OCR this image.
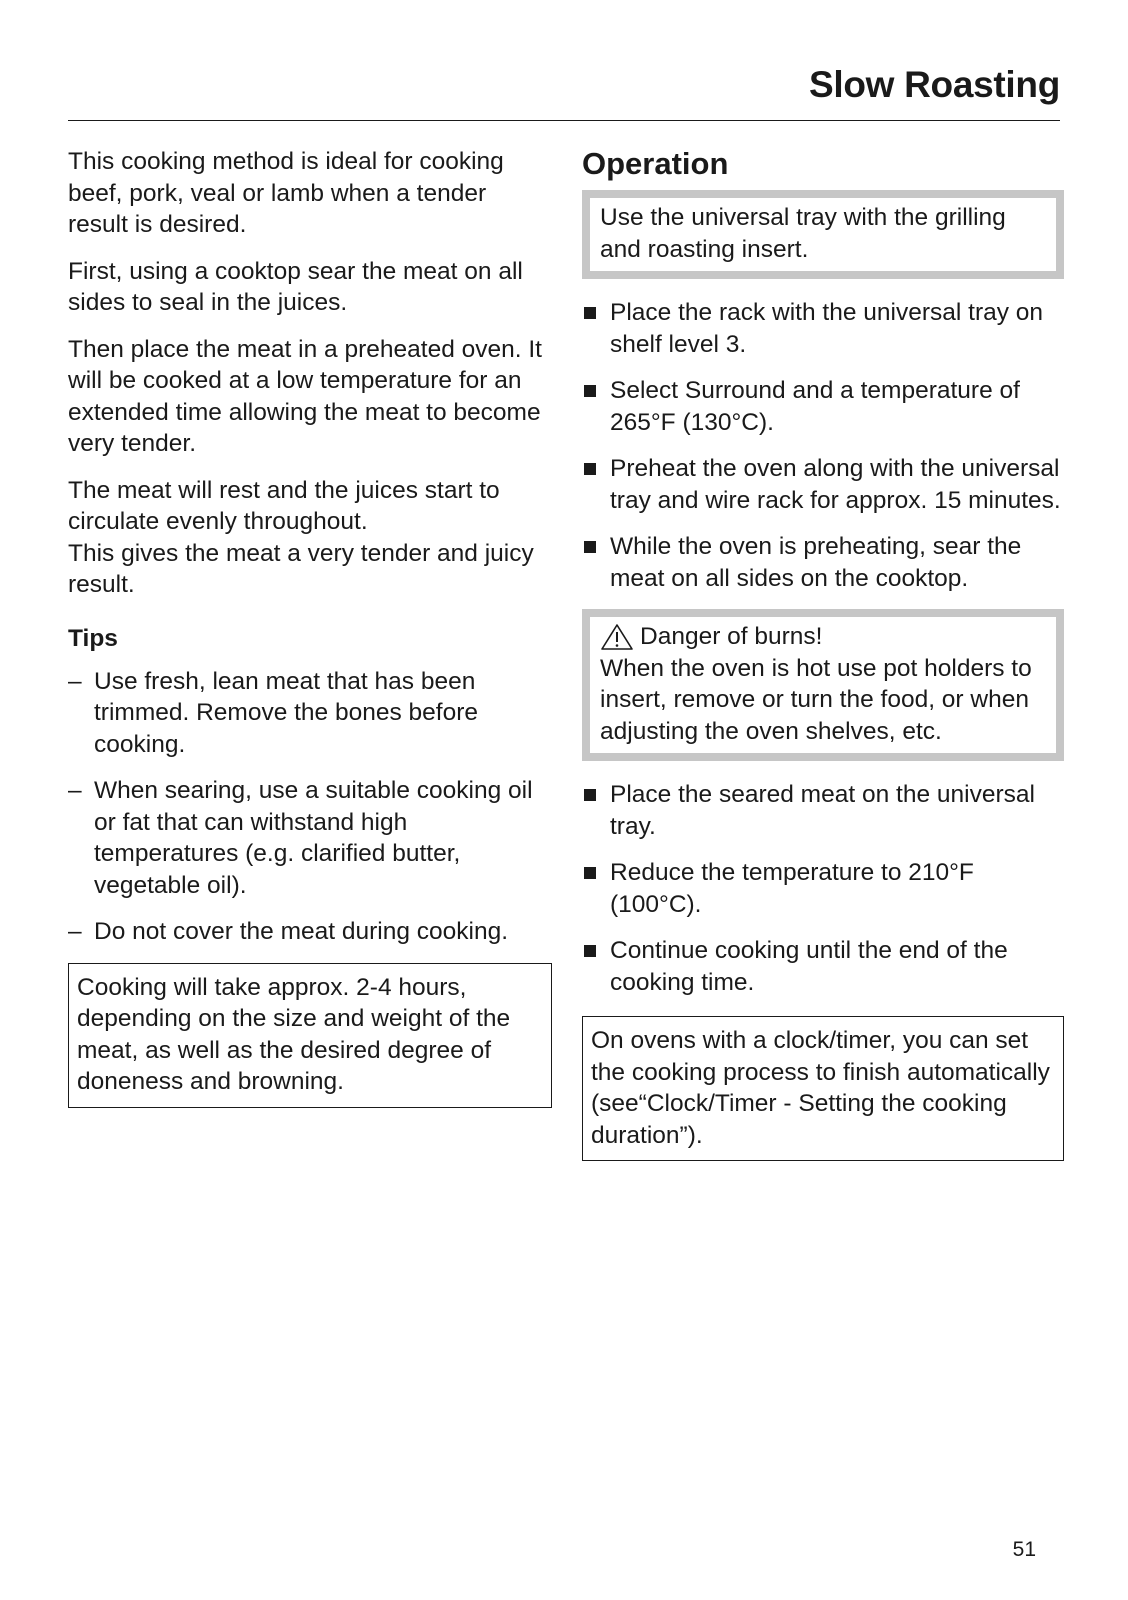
Slow Roasting

This cooking method is ideal for cooking beef, pork, veal or lamb when a tender result is desired.

First, using a cooktop sear the meat on all sides to seal in the juices.

Then place the meat in a preheated oven. It will be cooked at a low temperature for an extended time allowing the meat to become very tender.

The meat will rest and the juices start to circulate evenly throughout.

This gives the meat a very tender and juicy result.

Tips
– Use fresh, lean meat that has been trimmed. Remove the bones before cooking.
– When searing, use a suitable cooking oil or fat that can withstand high temperatures (e.g. clarified butter, vegetable oil).
– Do not cover the meat during cooking.

Cooking will take approx. 2-4 hours, depending on the size and weight of the meat, as well as the desired degree of doneness and browning.

Operation

Use the universal tray with the grilling and roasting insert.

Place the rack with the universal tray on shelf level 3.
Select Surround and a temperature of 265°F (130°C).
Preheat the oven along with the universal tray and wire rack for approx. 15 minutes.
While the oven is preheating, sear the meat on all sides on the cooktop.

Danger of burns!

When the oven is hot use pot holders to insert, remove or turn the food, or when adjusting the oven shelves, etc.

Place the seared meat on the universal tray.
Reduce the temperature to 210°F (100°C).
Continue cooking until the end of the cooking time.

On ovens with a clock/timer, you can set the cooking process to finish automatically (see“Clock/Timer - Setting the cooking duration”).

51
